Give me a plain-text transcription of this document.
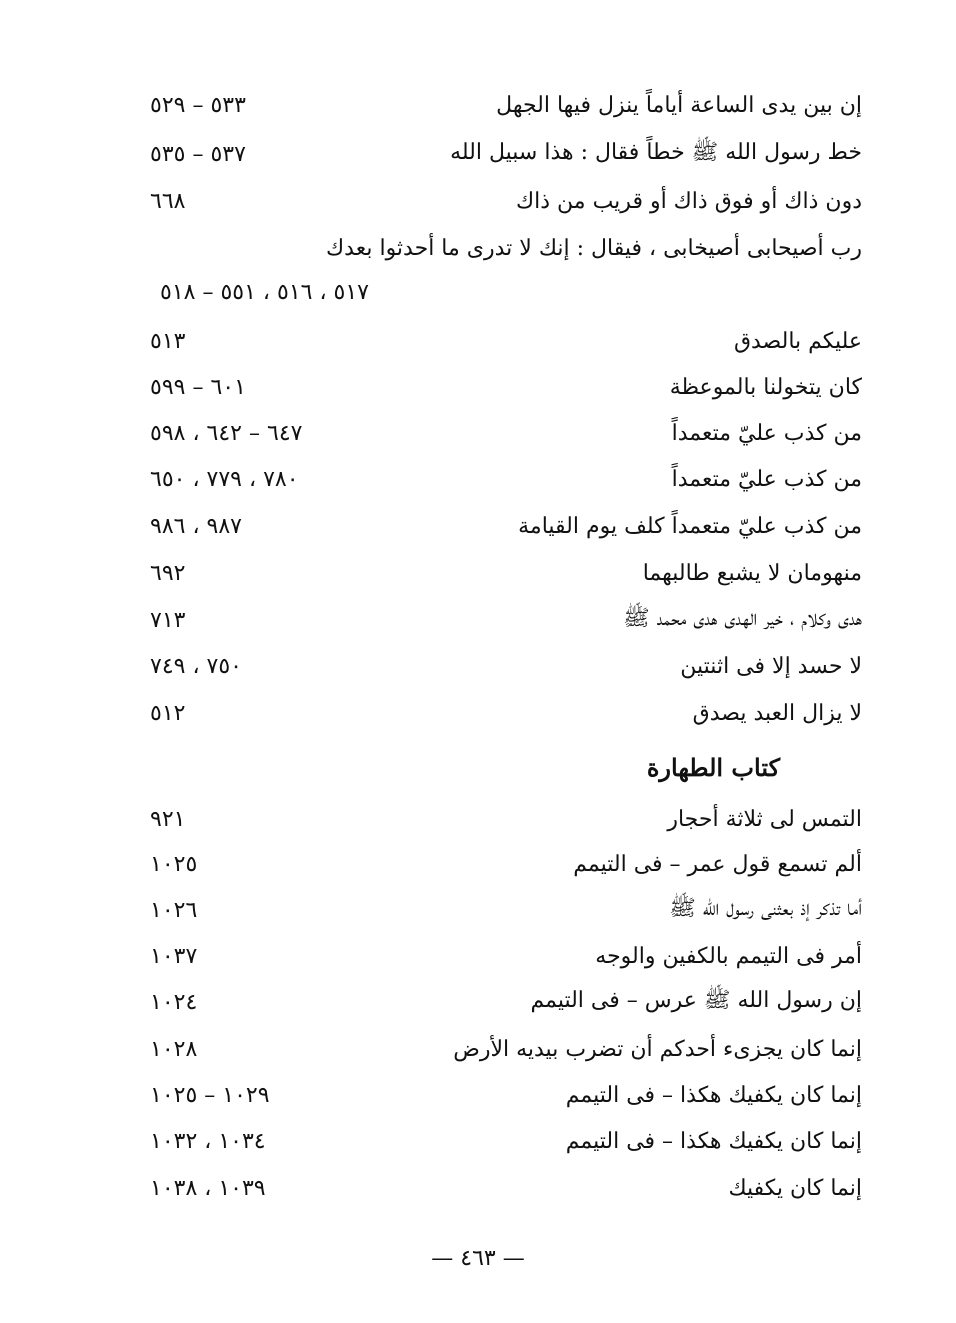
٥٣٣ – ٥٢٩	إن بين يدى الساعة أياماً ينزل فيها الجهل
٥٣٧ – ٥٣٥	خط رسول الله ﷺ خطاً فقال : هذا سبيل الله
٦٦٨	دون ذاك أو فوق ذاك أو قريب من ذاك
رب أصيحابى أصيخابى ، فيقال : إنك لا تدرى ما أحدثوا بعدك
٥١٧ ، ٥١٦ ، ٥٥١ – ٥١٨
٥١٣	عليكم بالصدق
٦٠١ – ٥٩٩	كان يتخولنا بالموعظة
٦٤٧ – ٦٤٢ ، ٥٩٨	من كذب عليّ متعمداً
٧٨٠ ، ٧٧٩ ، ٦٥٠	من كذب عليّ متعمداً
٩٨٧ ، ٩٨٦	من كذب عليّ متعمداً كلف يوم القيامة
٦٩٢	منهومان لا يشبع طالبهما
٧١٣	هدى وكلام ، خير الهدى هدى محمد ﷺ
٧٥٠ ، ٧٤٩	لا حسد إلا فى اثنتين
٥١٢	لا يزال العبد يصدق
كتاب الطهارة
٩٢١	التمس لى ثلاثة أحجار
١٠٢٥	ألم تسمع قول عمر – فى التيمم
١٠٢٦	أما تذكر إذ بعثنى رسول الله ﷺ
١٠٣٧	أمر فى التيمم بالكفين والوجه
١٠٢٤	إن رسول الله ﷺ عرس – فى التيمم
١٠٢٨	إنما كان يجزىء أحدكم أن تضرب بيديه الأرض
١٠٢٩ – ١٠٢٥	إنما كان يكفيك هكذا – فى التيمم
١٠٣٤ ، ١٠٣٢	إنما كان يكفيك هكذا – فى التيمم
١٠٣٩ ، ١٠٣٨	إنما كان يكفيك
— ٤٦٣ —
